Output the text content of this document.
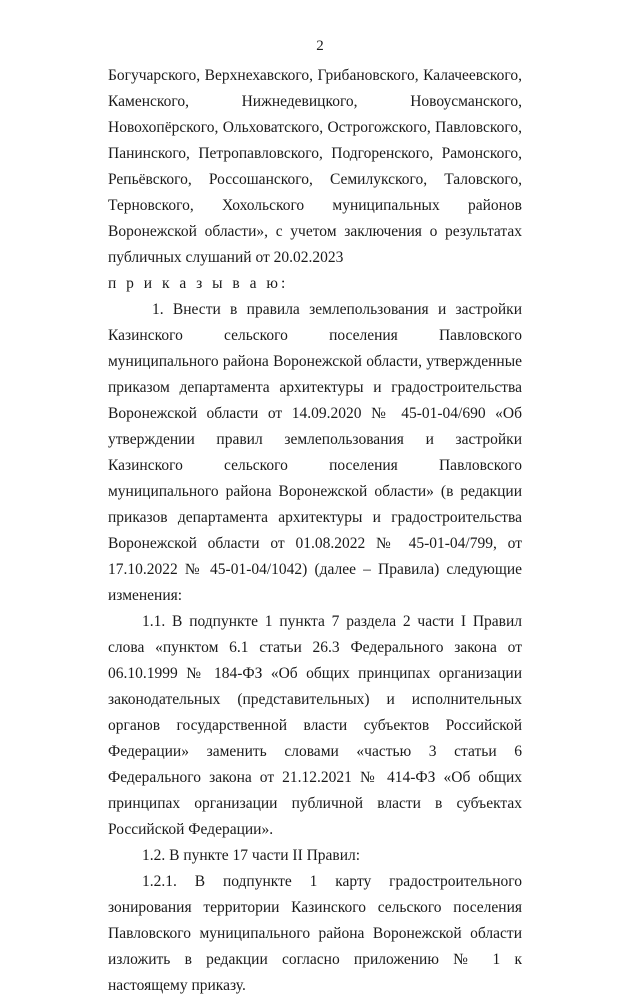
2

Богучарского, Верхнехавского, Грибановского, Калачеевского, Каменского, Нижнедевицкого, Новоусманского, Новохопёрского, Ольховатского, Острогожского, Павловского, Панинского, Петропавловского, Подгоренского, Рамонского, Репьёвского, Россошанского, Семилукского, Таловского, Терновского, Хохольского муниципальных районов Воронежской области», с учетом заключения о результатах публичных слушаний от 20.02.2023

п р и к а з ы в а ю:

1. Внести в правила землепользования и застройки Казинского сельского поселения Павловского муниципального района Воронежской области, утвержденные приказом департамента архитектуры и градостроительства Воронежской области от 14.09.2020 № 45-01-04/690 «Об утверждении правил землепользования и застройки Казинского сельского поселения Павловского муниципального района Воронежской области» (в редакции приказов департамента архитектуры и градостроительства Воронежской области от 01.08.2022 № 45-01-04/799, от 17.10.2022 № 45-01-04/1042) (далее – Правила) следующие изменения:

1.1. В подпункте 1 пункта 7 раздела 2 части I Правил слова «пунктом 6.1 статьи 26.3 Федерального закона от 06.10.1999 № 184-ФЗ «Об общих принципах организации законодательных (представительных) и исполнительных органов государственной власти субъектов Российской Федерации» заменить словами «частью 3 статьи 6 Федерального закона от 21.12.2021 № 414-ФЗ «Об общих принципах организации публичной власти в субъектах Российской Федерации».

1.2. В пункте 17 части II Правил:

1.2.1. В подпункте 1 карту градостроительного зонирования территории Казинского сельского поселения Павловского муниципального района Воронежской области изложить в редакции согласно приложению № 1 к настоящему приказу.
